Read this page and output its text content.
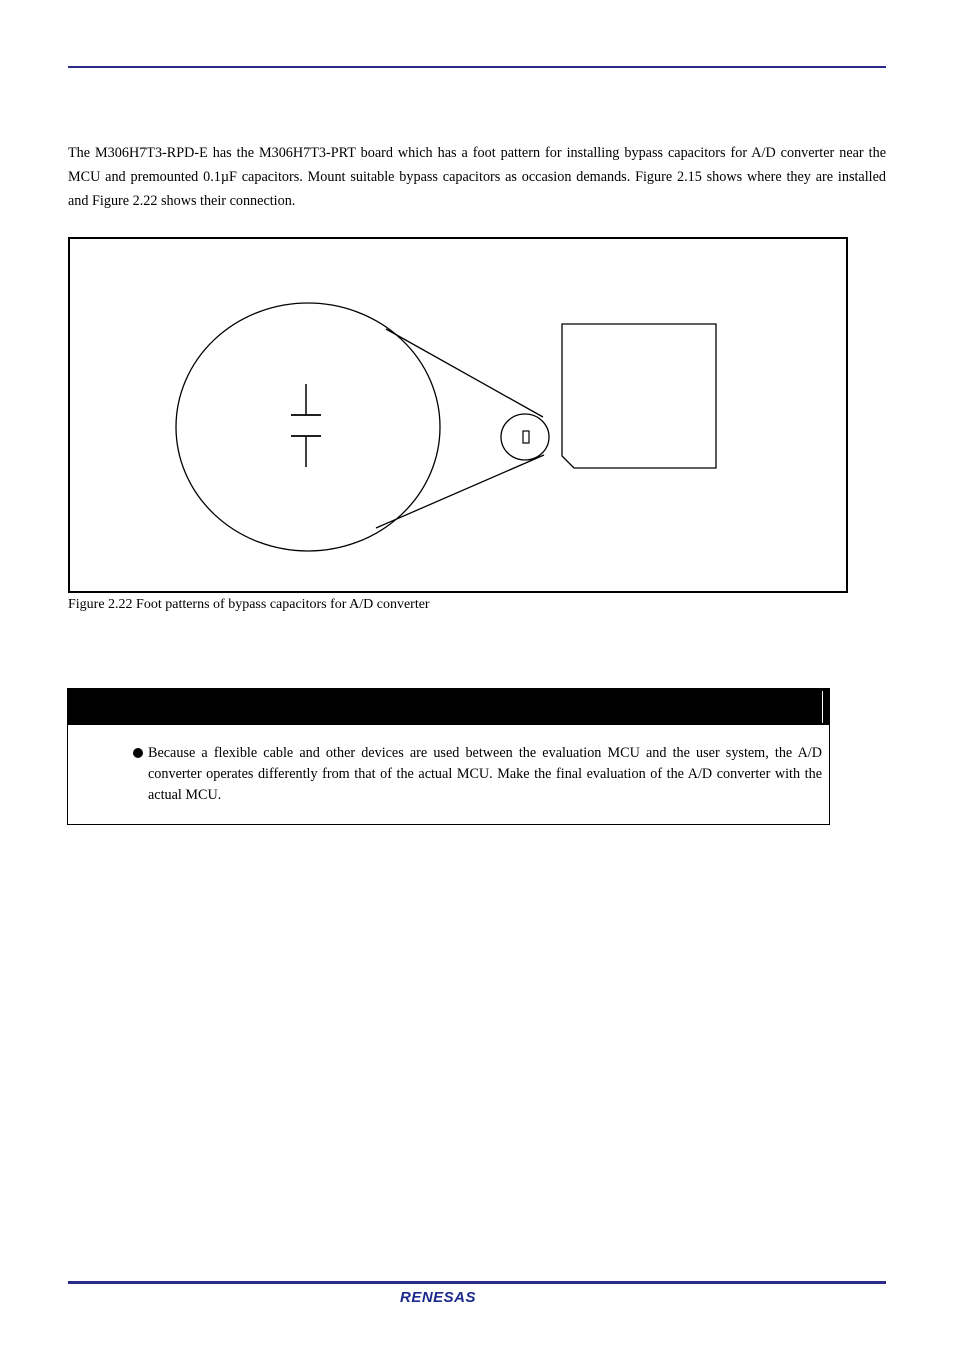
The M306H7T3-RPD-E has the M306H7T3-PRT board which has a foot pattern for installing bypass capacitors for A/D converter near the MCU and premounted 0.1µF capacitors. Mount suitable bypass capacitors as occasion demands. Figure 2.15 shows where they are installed and Figure 2.22 shows their connection.

Figure 2.22 Foot patterns of bypass capacitors for A/D converter

Because a flexible cable and other devices are used between the evaluation MCU and the user system, the A/D converter operates differently from that of the actual MCU. Make the final evaluation of the A/D converter with the actual MCU.

RENESAS
